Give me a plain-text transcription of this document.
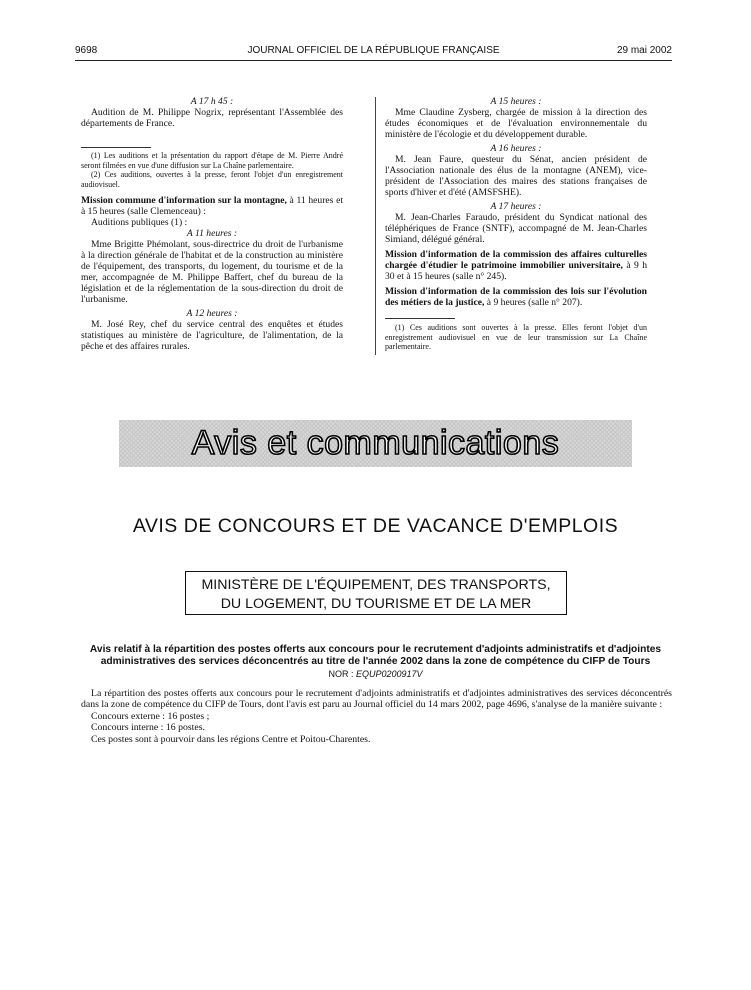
9698	JOURNAL OFFICIEL DE LA RÉPUBLIQUE FRANÇAISE	29 mai 2002

A 17 h 45 :

Audition de M. Philippe Nogrix, représentant l'Assemblée des départements de France.

(1) Les auditions et la présentation du rapport d'étape de M. Pierre André seront filmées en vue d'une diffusion sur La Chaîne parlementaire.

(2) Ces auditions, ouvertes à la presse, feront l'objet d'un enregistrement audiovisuel.

Mission commune d'information sur la montagne, à 11 heures et à 15 heures (salle Clemenceau) :

Auditions publiques (1) :

A 11 heures :

Mme Brigitte Phémolant, sous-directrice du droit de l'urbanisme à la direction générale de l'habitat et de la construction au ministère de l'équipement, des transports, du logement, du tourisme et de la mer, accompagnée de M. Philippe Baffert, chef du bureau de la législation et de la réglementation de la sous-direction du droit de l'urbanisme.

A 12 heures :

M. José Rey, chef du service central des enquêtes et études statistiques au ministère de l'agriculture, de l'alimentation, de la pêche et des affaires rurales.

A 15 heures :

Mme Claudine Zysberg, chargée de mission à la direction des études économiques et de l'évaluation environnementale du ministère de l'écologie et du développement durable.

A 16 heures :

M. Jean Faure, questeur du Sénat, ancien président de l'Association nationale des élus de la montagne (ANEM), vice-président de l'Association des maires des stations françaises de sports d'hiver et d'été (AMSFSHE).

A 17 heures :

M. Jean-Charles Faraudo, président du Syndicat national des téléphériques de France (SNTF), accompagné de M. Jean-Charles Simiand, délégué général.

Mission d'information de la commission des affaires culturelles chargée d'étudier le patrimoine immobilier universitaire, à 9 h 30 et à 15 heures (salle n° 245).

Mission d'information de la commission des lois sur l'évolution des métiers de la justice, à 9 heures (salle n° 207).

(1) Ces auditions sont ouvertes à la presse. Elles feront l'objet d'un enregistrement audiovisuel en vue de leur transmission sur La Chaîne parlementaire.

Avis et communications
AVIS DE CONCOURS ET DE VACANCE D'EMPLOIS
MINISTÈRE DE L'ÉQUIPEMENT, DES TRANSPORTS,
DU LOGEMENT, DU TOURISME ET DE LA MER
Avis relatif à la répartition des postes offerts aux concours pour le recrutement d'adjoints administratifs et d'adjointes administratives des services déconcentrés au titre de l'année 2002 dans la zone de compétence du CIFP de Tours
NOR : EQUP0200917V

La répartition des postes offerts aux concours pour le recrutement d'adjoints administratifs et d'adjointes administratives des services déconcentrés dans la zone de compétence du CIFP de Tours, dont l'avis est paru au Journal officiel du 14 mars 2002, page 4696, s'analyse de la manière suivante :

Concours externe : 16 postes ;

Concours interne : 16 postes.

Ces postes sont à pourvoir dans les régions Centre et Poitou-Charentes.
